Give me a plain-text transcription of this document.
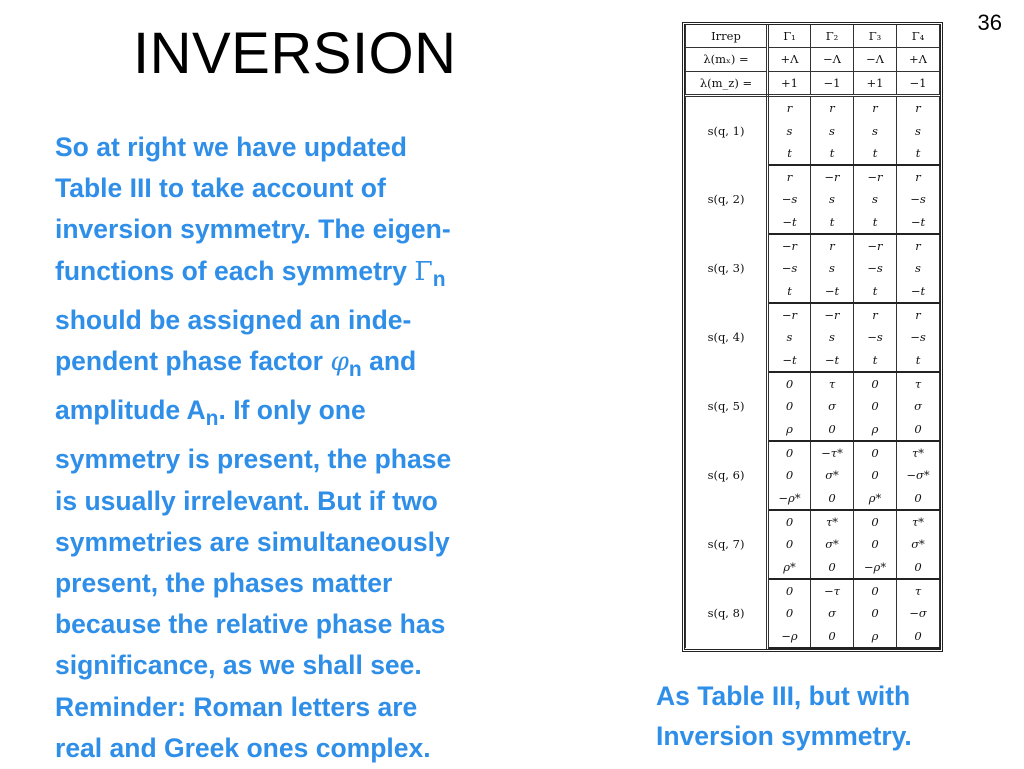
36
INVERSION
So at right we have updated
Table III to take account of
inversion symmetry. The eigen-
functions of each symmetry $\Gamma_n$
should be assigned an inde-
pendent phase factor $\varphi_n$ and
amplitude $A_n$. If only one
symmetry is present, the phase
is usually irrelevant. But if two
symmetries are simultaneously
present, the phases matter
because the relative phase has
significance, as we shall see.
Reminder: Roman letters are
real and Greek ones complex.
Irrep	Γ₁	Γ₂	Γ₃	Γ₄
λ(mₓ) =	+Λ	−Λ	−Λ	+Λ
λ(m_z) =	+1	−1	+1	−1
s(q, 1)	r	r	r	r
	s	s	s	s
	t	t	t	t
s(q, 2)	r	−r	−r	r
	−s	s	s	−s
	−t	t	t	−t
s(q, 3)	−r	r	−r	r
	−s	s	−s	s
	t	−t	t	−t
s(q, 4)	−r	−r	r	r
	s	s	−s	−s
	−t	−t	t	t
s(q, 5)	0	τ	0	τ
	0	σ	0	σ
	ρ	0	ρ	0
s(q, 6)	0	−τ*	0	τ*
	0	σ*	0	−σ*
	−ρ*	0	ρ*	0
s(q, 7)	0	τ*	0	τ*
	0	σ*	0	σ*
	ρ*	0	−ρ*	0
s(q, 8)	0	−τ	0	τ
	0	σ	0	−σ
	−ρ	0	ρ	0
As Table III, but with
Inversion symmetry.
